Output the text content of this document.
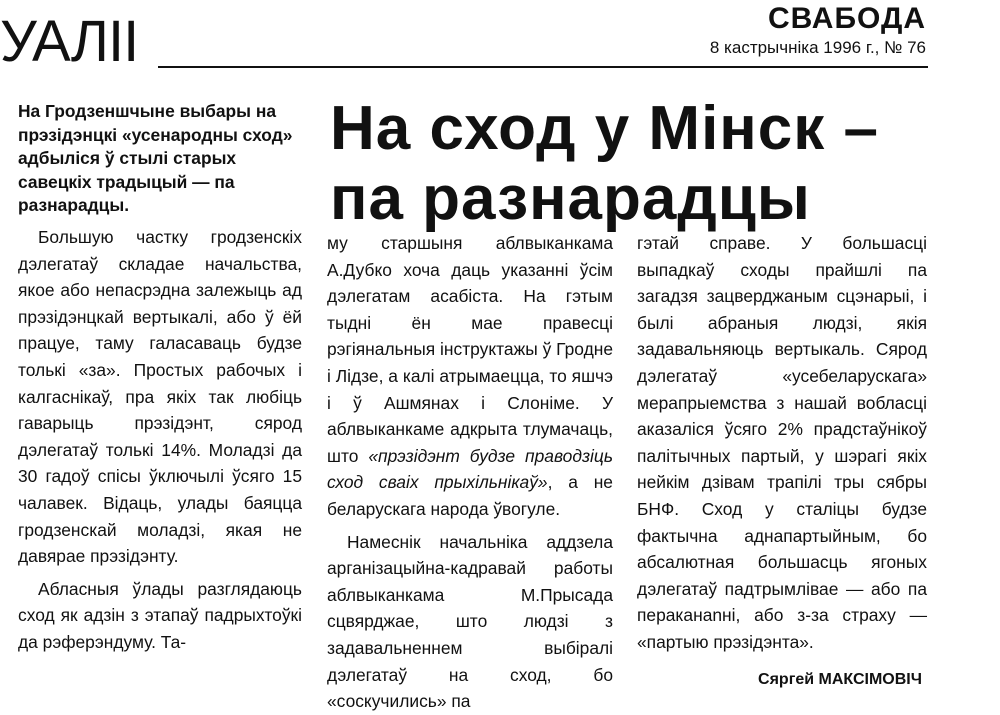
УАЛІІ	СВАБОДА
8 кастрычніка 1996 г., № 76
На сход у Мінск – па разнарадцы

На Гродзеншчыне выбары на прэзідэнцкі «усенародны сход» адбыліся ў стылі старых савецкіх традыцый — па разнарадцы.

Большую частку гродзенскіх дэлегатаў складае начальства, якое або непасрэдна залежыць ад прэзідэнцкай вертыкалі, або ў ёй працуе, таму галасаваць будзе толькі «за». Простых рабочых і калгаснікаў, пра якіх так любіць гаварыць прэзідэнт, сярод дэлегатаў толькі 14%. Моладзі да 30 гадоў спісы ўключылі ўсяго 15 чалавек. Відаць, улады баяцца гродзенскай моладзі, якая не давярае прэзідэнту.

Абласныя ўлады разглядаюць сход як адзін з этапаў падрыхтоўкі да рэферэндуму. Та-

му старшыня аблвыканкама А.Дубко хоча даць указанні ўсім дэлегатам асабіста. На гэтым тыдні ён мае правесці рэгіянальныя інструктажы ў Гродне і Лідзе, а калі атрымаецца, то яшчэ і ў Ашмянах і Слоніме. У аблвыканкаме адкрыта тлумачаць, што «прэзідэнт будзе праводзіць сход сваіх прыхільнікаў», а не беларускага народа ўвогуле.

Намеснік начальніка аддзела арганізацыйна-кадравай работы аблвыканкама М.Прысада сцвярджае, што людзі з задавальненнем выбіралі дэлегатаў на сход, бо «соскучились» па

гэтай справе. У большасці выпадкаў сходы прайшлі па загадзя зацверджаным сцэнарыі, і былі абраныя людзі, якія задавальняюць вертыкаль. Сярод дэлегатаў «усебеларускага» мерапрыемства з нашай вобласці аказаліся ўсяго 2% прадстаўнікоў палітычных партый, у шэрагі якіх нейкім дзівам трапілі тры сябры БНФ. Сход у сталіцы будзе фактычна аднапартыйным, бо абсалютная большасць ягоных дэлегатаў падтрымлівае — або па пераканanні, або з-за страху — «партыю прэзідэнта».

Сяргей МАКСІМОВІЧ
